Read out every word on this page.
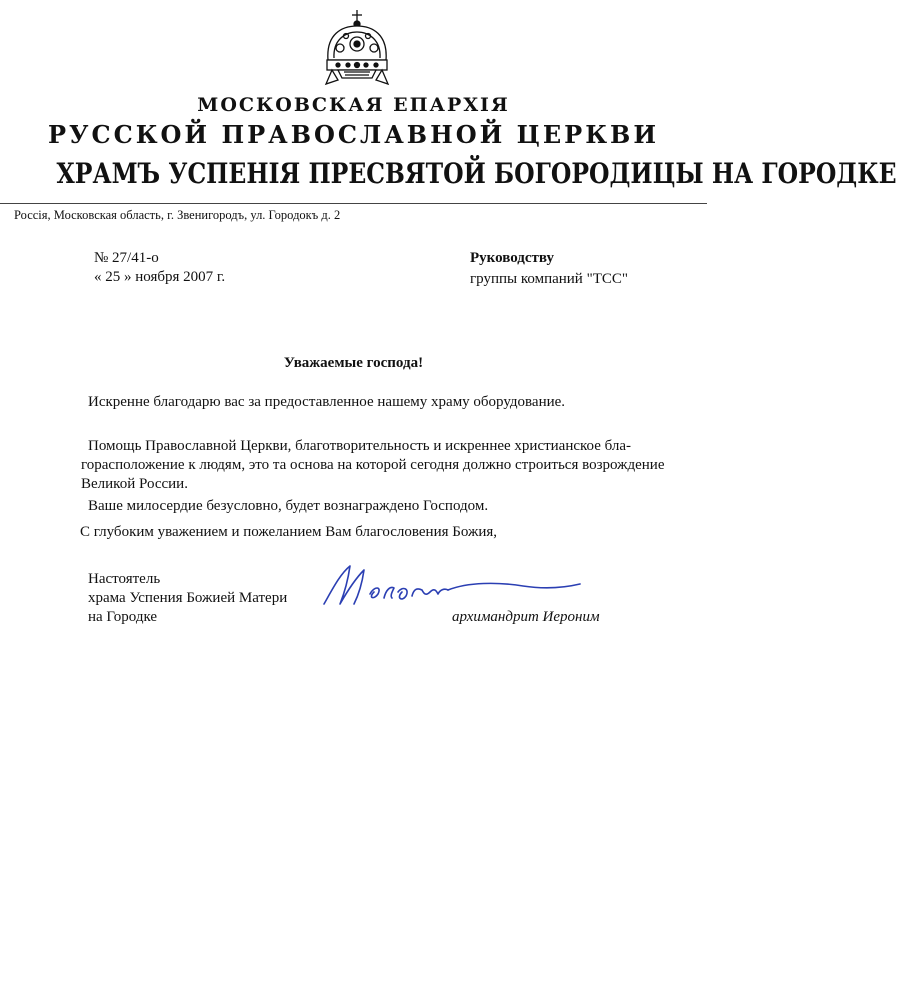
МОСКОВСКАЯ ЕПАРХІЯ
РУССКОЙ ПРАВОСЛАВНОЙ ЦЕРКВИ
ХРАМЪ УСПЕНІЯ ПРЕСВЯТОЙ БОГОРОДИЦЫ НА ГОРОДКЕ
Россія, Московская область, г. Звенигородъ, ул. Городокъ д. 2
№ 27/41-о
« 25 » ноября 2007 г.
Руководству
группы компаний "ТСС"
Уважаемые господа!
Искренне благодарю вас за предоставленное нашему храму оборудование.
Помощь Православной Церкви, благотворительность и искреннее христианское бла-
горасположение к людям, это та основа на которой сегодня должно строиться возрождение
Великой России.
Ваше милосердие безусловно, будет вознаграждено Господом.
С глубоким уважением и пожеланием Вам благословения Божия,
Настоятель
храма Успения Божией Матери
на Городке	архимандрит Иероним
